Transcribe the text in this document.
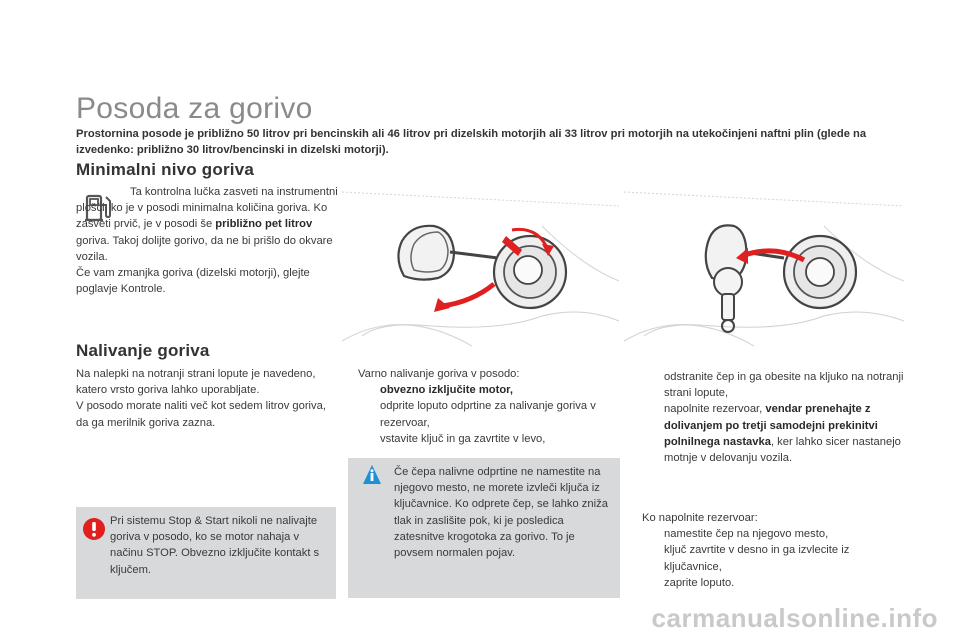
Posoda za gorivo
Prostornina posode je približno 50 litrov pri bencinskih ali 46 litrov pri dizelskih motorjih ali 33 litrov pri motorjih na utekočinjeni naftni plin (glede na izvedenko: približno 30 litrov/bencinski in dizelski motorji).
Minimalni nivo goriva

Ta kontrolna lučka zasveti na instrumentni plošči, ko je v posodi minimalna količina goriva. Ko zasveti prvič, je v posodi še približno pet litrov goriva. Takoj dolijte gorivo, da ne bi prišlo do okvare vozila.

Če vam zmanjka goriva (dizelski motorji), glejte poglavje Kontrole.

Nalivanje goriva

Na nalepki na notranji strani lopute je navedeno, katero vrsto goriva lahko uporabljate.

V posodo morate naliti več kot sedem litrov goriva, da ga merilnik goriva zazna.

Pri sistemu Stop & Start nikoli ne nalivajte goriva v posodo, ko se motor nahaja v načinu STOP. Obvezno izključite kontakt s ključem.

Varno nalivanje goriva v posodo:

obvezno izključite motor,
odprite loputo odprtine za nalivanje goriva v rezervoar,
vstavite ključ in ga zavrtite v levo,
Če čepa nalivne odprtine ne namestite na njegovo mesto, ne morete izvleči ključa iz ključavnice. Ko odprete čep, se lahko zniža tlak in zaslišite pok, ki je posledica zatesnitve krogotoka za gorivo. To je povsem normalen pojav.
odstranite čep in ga obesite na kljuko na notranji strani lopute,
napolnite rezervoar, vendar prenehajte z dolivanjem po tretji samodejni prekinitvi polnilnega nastavka, ker lahko sicer nastanejo motnje v delovanju vozila.

Ko napolnite rezervoar:

namestite čep na njegovo mesto,
ključ zavrtite v desno in ga izvlecite iz ključavnice,
zaprite loputo.
carmanualsonline.info
